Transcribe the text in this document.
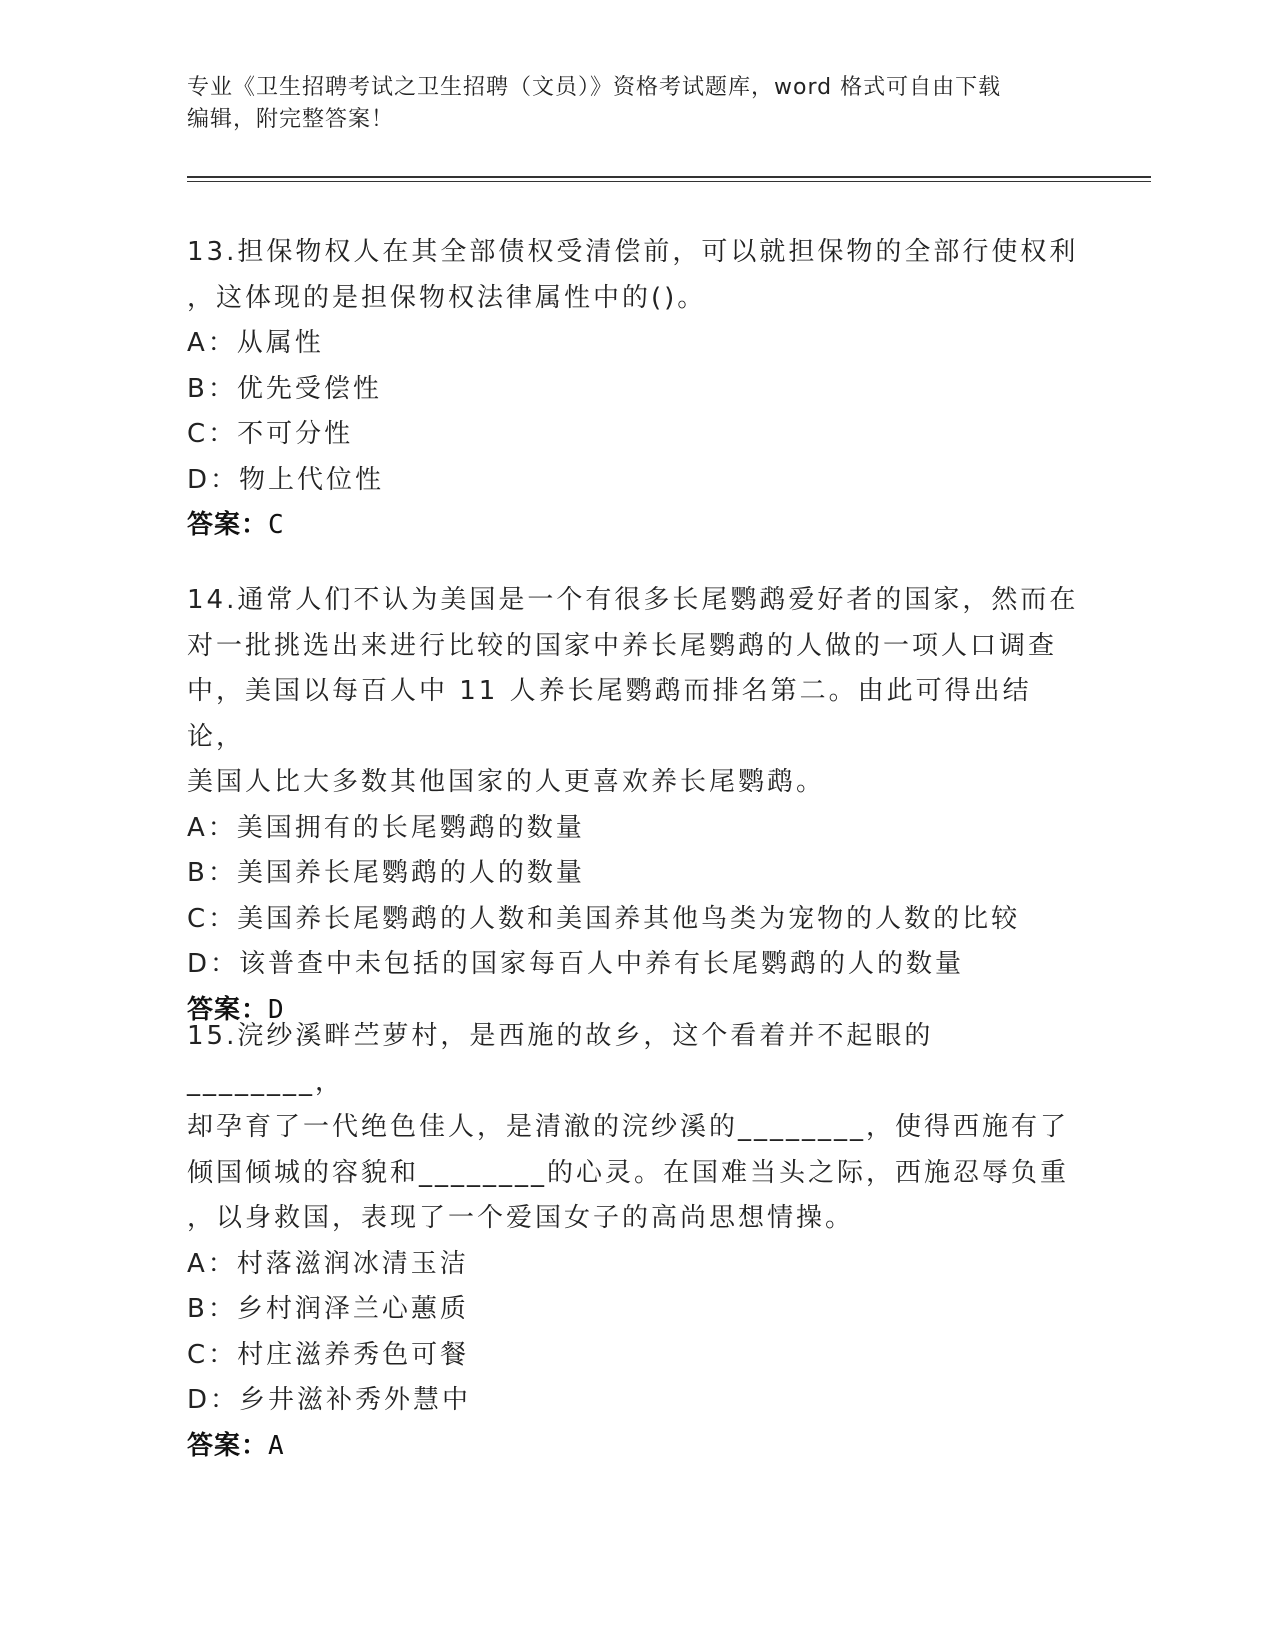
专业《卫生招聘考试之卫生招聘（文员）》资格考试题库，word 格式可自由下载
编辑，附完整答案！
13.担保物权人在其全部债权受清偿前，可以就担保物的全部行使权利
，这体现的是担保物权法律属性中的()。
A：从属性
B：优先受偿性
C：不可分性
D：物上代位性
答案：C
14.通常人们不认为美国是一个有很多长尾鹦鹉爱好者的国家，然而在
对一批挑选出来进行比较的国家中养长尾鹦鹉的人做的一项人口调查
中，美国以每百人中 11 人养长尾鹦鹉而排名第二。由此可得出结论，
美国人比大多数其他国家的人更喜欢养长尾鹦鹉。
A：美国拥有的长尾鹦鹉的数量
B：美国养长尾鹦鹉的人的数量
C：美国养长尾鹦鹉的人数和美国养其他鸟类为宠物的人数的比较
D：该普查中未包括的国家每百人中养有长尾鹦鹉的人的数量
答案：D
15.浣纱溪畔苎萝村，是西施的故乡，这个看着并不起眼的________，
却孕育了一代绝色佳人，是清澈的浣纱溪的________，使得西施有了
倾国倾城的容貌和________的心灵。在国难当头之际，西施忍辱负重
，以身救国，表现了一个爱国女子的高尚思想情操。
A：村落滋润冰清玉洁
B：乡村润泽兰心蕙质
C：村庄滋养秀色可餐
D：乡井滋补秀外慧中
答案：A
